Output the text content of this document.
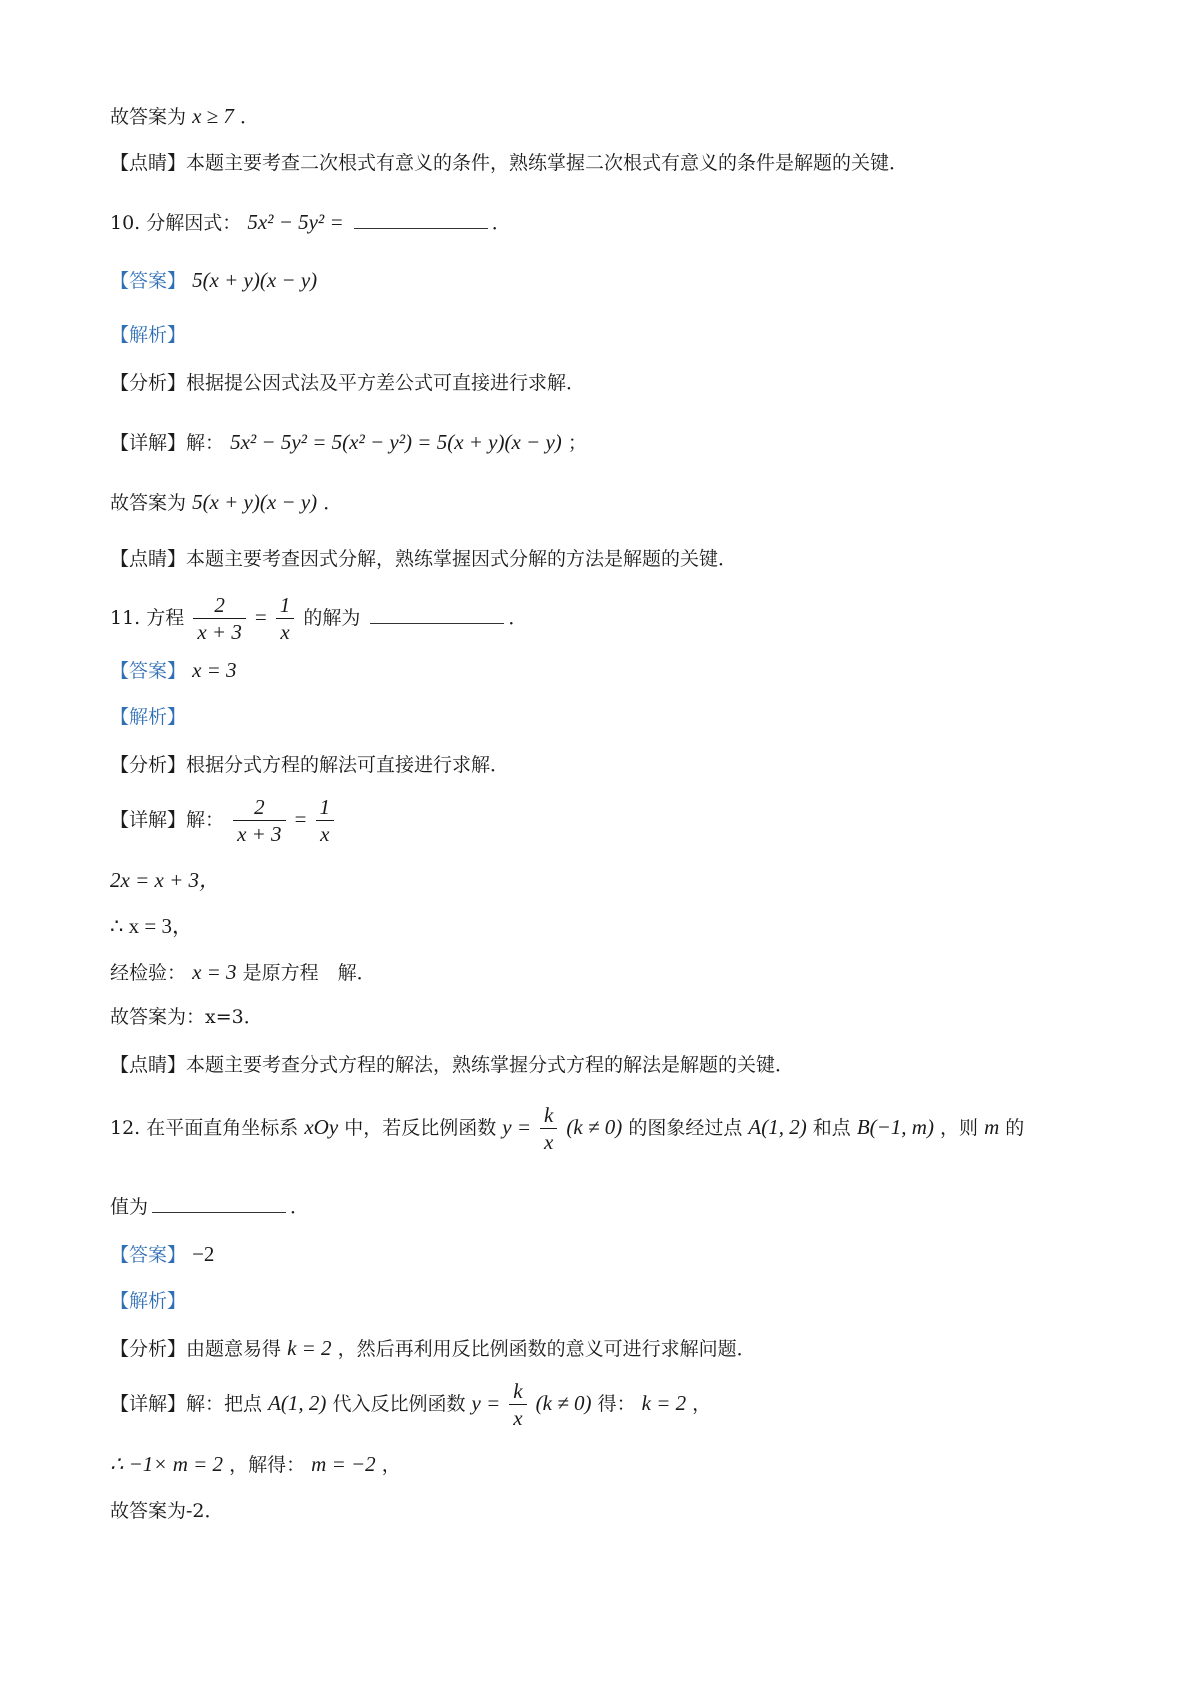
故答案为 x ≥ 7 ．
【点睛】本题主要考查二次根式有意义的条件，熟练掌握二次根式有意义的条件是解题的关键．
10. 分解因式： 5x² − 5y² =	．
【答案】 5(x + y)(x − y)
【解析】
【分析】根据提公因式法及平方差公式可直接进行求解．
【详解】解： 5x² − 5y² = 5(x² − y²) = 5(x + y)(x − y) ；
故答案为 5(x + y)(x − y) ．
【点睛】本题主要考查因式分解，熟练掌握因式分解的方法是解题的关键．
11. 方程 $\frac{2}{x + 3} = \frac{1}{x}$ 的解为	．
【答案】 x = 3
【解析】
【分析】根据分式方程的解法可直接进行求解．
【详解】解： $\frac{2}{x + 3} = \frac{1}{x}$
2x = x + 3，
∴ x = 3，
经检验： x = 3 是原方程　解．
故答案为：x=3．
【点睛】本题主要考查分式方程的解法，熟练掌握分式方程的解法是解题的关键．
12. 在平面直角坐标系 xOy 中，若反比例函数 $y = \frac{k}{x} (k \ne 0)$ 的图象经过点 A(1, 2) 和点 B(−1, m) ，则 m 的
值为	．
【答案】 −2
【解析】
【分析】由题意易得 k = 2 ，然后再利用反比例函数的意义可进行求解问题．
【详解】解：把点 A(1, 2) 代入反比例函数 $y = \frac{k}{x} (k \ne 0)$ 得： k = 2 ，
∴ −1× m = 2 ，解得： m = −2 ，
故答案为-2．
